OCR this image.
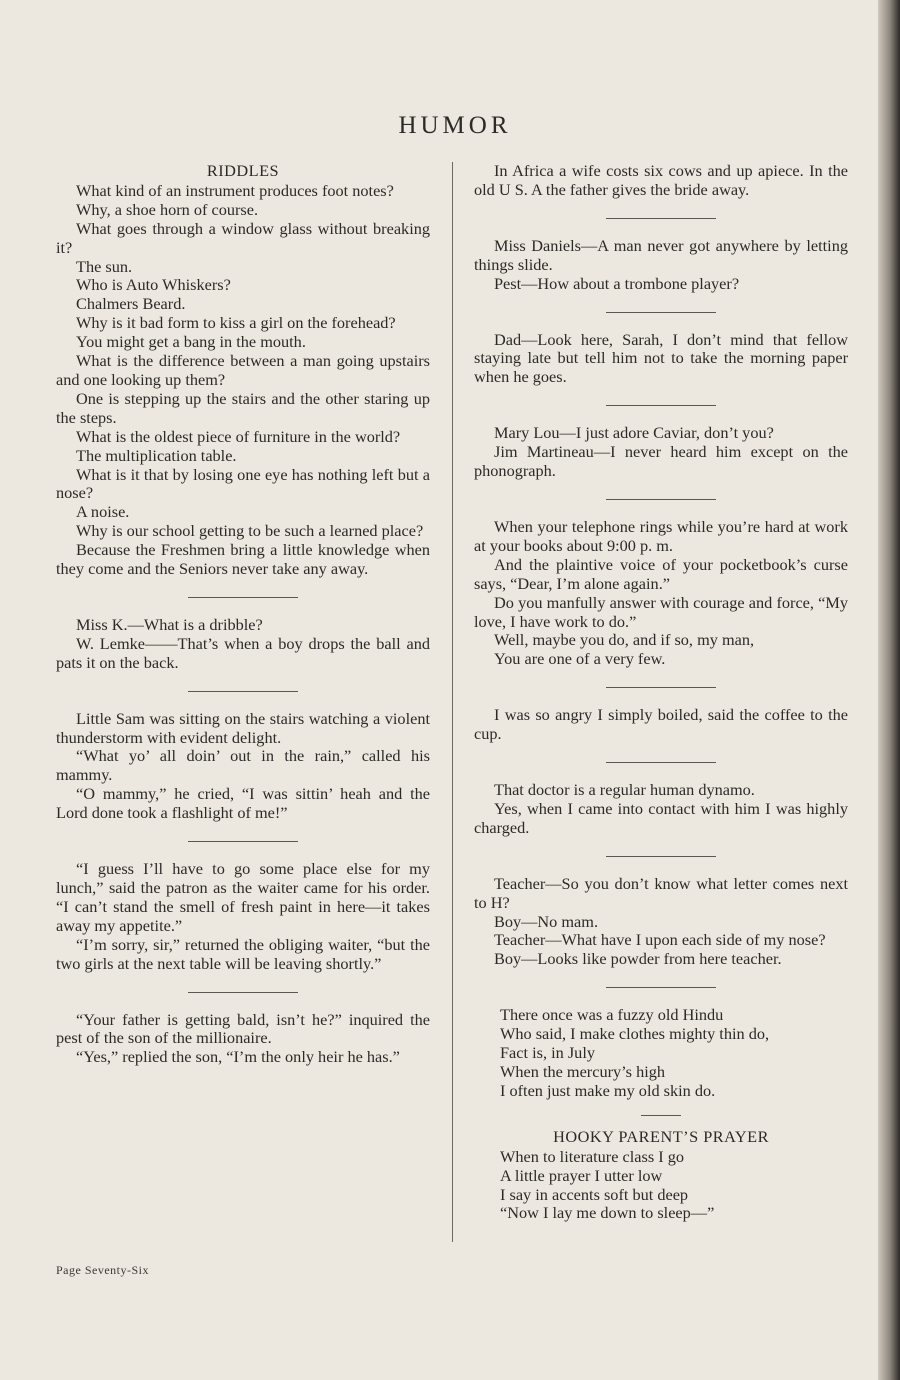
HUMOR
RIDDLES

What kind of an instrument produces foot notes?

Why, a shoe horn of course.

What goes through a window glass without breaking it?

The sun.

Who is Auto Whiskers?

Chalmers Beard.

Why is it bad form to kiss a girl on the forehead?

You might get a bang in the mouth.

What is the difference between a man going upstairs and one looking up them?

One is stepping up the stairs and the other staring up the steps.

What is the oldest piece of furniture in the world?

The multiplication table.

What is it that by losing one eye has nothing left but a nose?

A noise.

Why is our school getting to be such a learned place?

Because the Freshmen bring a little knowledge when they come and the Seniors never take any away.

Miss K.—What is a dribble?

W. Lemke——That’s when a boy drops the ball and pats it on the back.

Little Sam was sitting on the stairs watching a violent thunderstorm with evident delight.

“What yo’ all doin’ out in the rain,” called his mammy.

“O mammy,” he cried, “I was sittin’ heah and the Lord done took a flashlight of me!”

“I guess I’ll have to go some place else for my lunch,” said the patron as the waiter came for his order. “I can’t stand the smell of fresh paint in here—it takes away my appetite.”

“I’m sorry, sir,” returned the obliging waiter, “but the two girls at the next table will be leaving shortly.”

“Your father is getting bald, isn’t he?” inquired the pest of the son of the millionaire.

“Yes,” replied the son, “I’m the only heir he has.”

In Africa a wife costs six cows and up apiece. In the old U S. A the father gives the bride away.

Miss Daniels—A man never got anywhere by letting things slide.

Pest—How about a trombone player?

Dad—Look here, Sarah, I don’t mind that fellow staying late but tell him not to take the morning paper when he goes.

Mary Lou—I just adore Caviar, don’t you?

Jim Martineau—I never heard him except on the phonograph.

When your telephone rings while you’re hard at work at your books about 9:00 p. m.

And the plaintive voice of your pocketbook’s curse says, “Dear, I’m alone again.”

Do you manfully answer with courage and force, “My love, I have work to do.”

Well, maybe you do, and if so, my man,

You are one of a very few.

I was so angry I simply boiled, said the coffee to the cup.

That doctor is a regular human dynamo.

Yes, when I came into contact with him I was highly charged.

Teacher—So you don’t know what letter comes next to H?

Boy—No mam.

Teacher—What have I upon each side of my nose?

Boy—Looks like powder from here teacher.

There once was a fuzzy old Hindu

Who said, I make clothes mighty thin do,

Fact is, in July

When the mercury’s high

I often just make my old skin do.

HOOKY PARENT’S PRAYER

When to literature class I go

A little prayer I utter low

I say in accents soft but deep

“Now I lay me down to sleep—”

Page Seventy-Six
